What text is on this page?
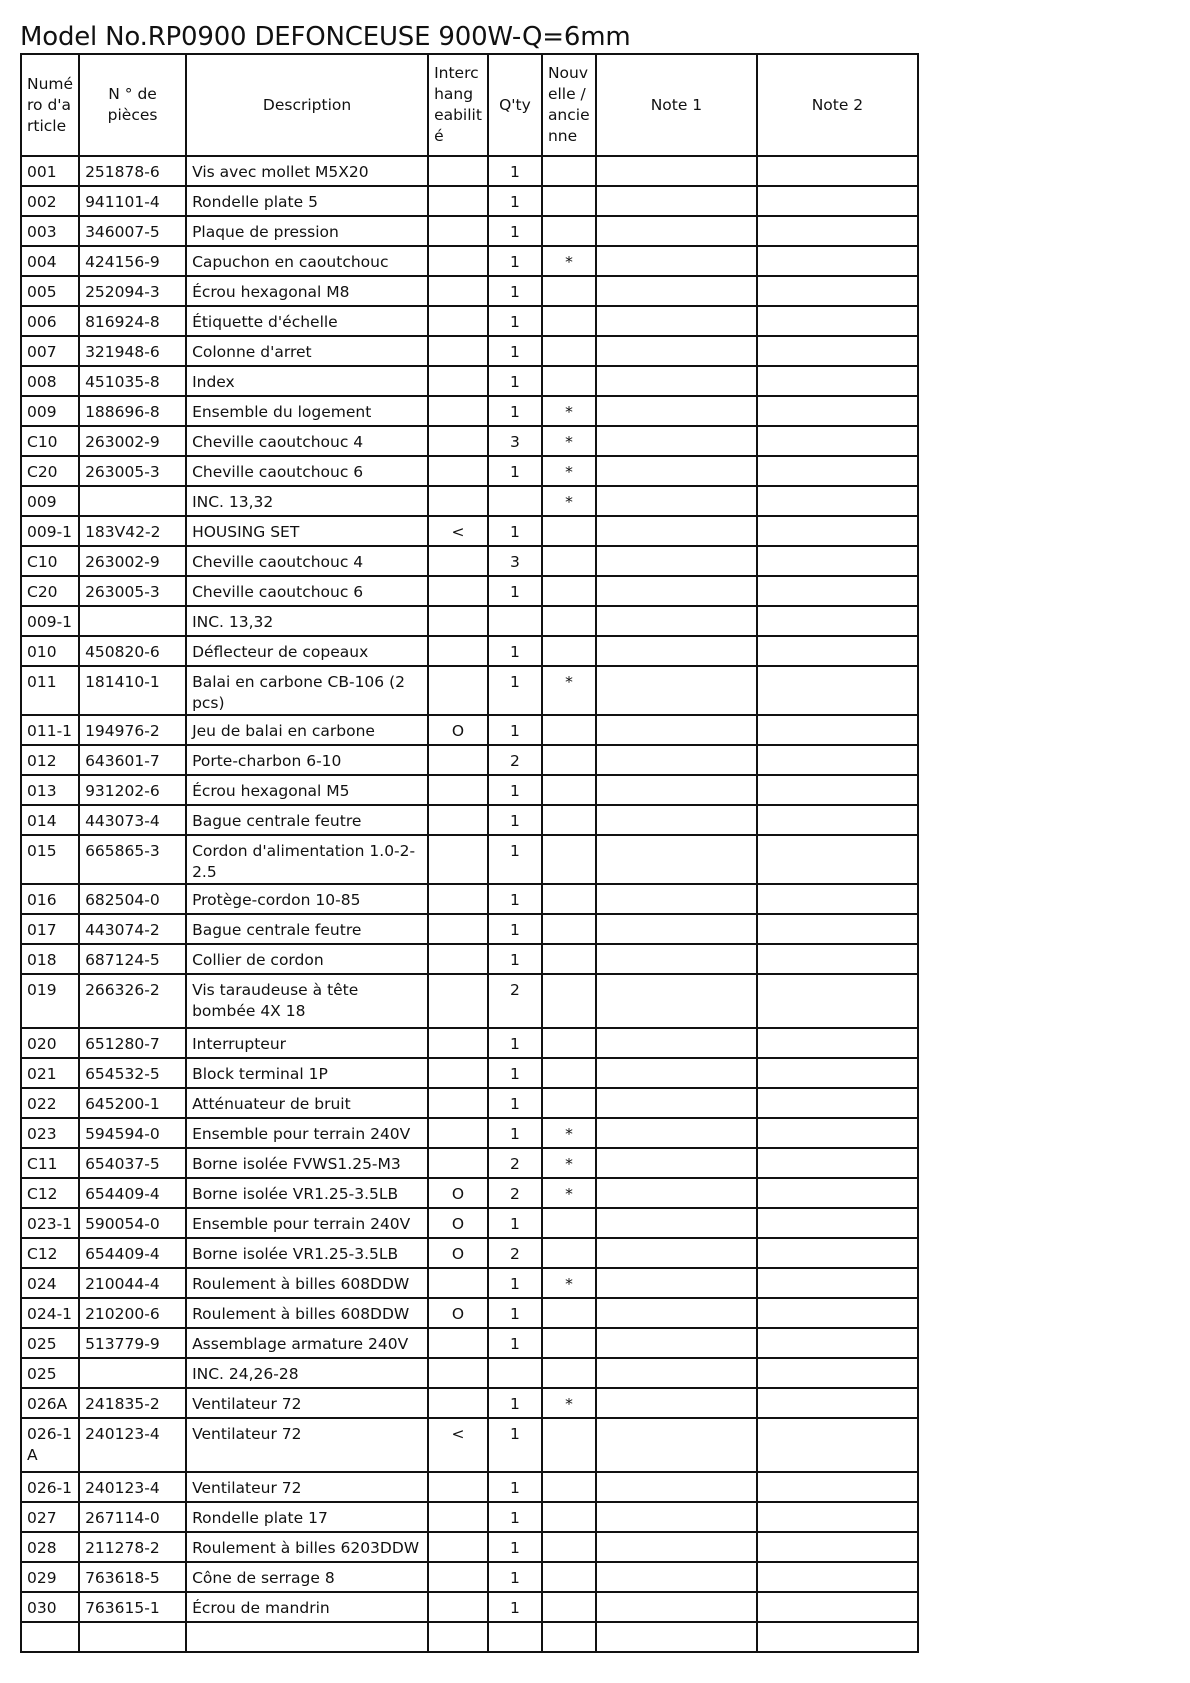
Model No.RP0900 DEFONCEUSE 900W-Q=6mm
Numé ro d'a rticle	N ° de pièces	Description	Interc hang eabilit é	Q'ty	Nouv elle / ancie nne	Note 1	Note 2
001	251878-6	Vis avec mollet M5X20		1			
002	941101-4	Rondelle plate 5		1			
003	346007-5	Plaque de pression		1			
004	424156-9	Capuchon en caoutchouc		1	*		
005	252094-3	Écrou hexagonal M8		1			
006	816924-8	Étiquette d'échelle		1			
007	321948-6	Colonne d'arret		1			
008	451035-8	Index		1			
009	188696-8	Ensemble du logement		1	*		
C10	263002-9	Cheville caoutchouc 4		3	*		
C20	263005-3	Cheville caoutchouc 6		1	*		
009		INC. 13,32			*		
009-1	183V42-2	HOUSING SET	<	1			
C10	263002-9	Cheville caoutchouc 4		3			
C20	263005-3	Cheville caoutchouc 6		1			
009-1		INC. 13,32					
010	450820-6	Déflecteur de copeaux		1			
011	181410-1	Balai en carbone CB-106 (2 pcs)		1	*		
011-1	194976-2	Jeu de balai en carbone	O	1			
012	643601-7	Porte-charbon 6-10		2			
013	931202-6	Écrou hexagonal M5		1			
014	443073-4	Bague centrale feutre		1			
015	665865-3	Cordon d'alimentation 1.0-2-2.5		1			
016	682504-0	Protège-cordon 10-85		1			
017	443074-2	Bague centrale feutre		1			
018	687124-5	Collier de cordon		1			
019	266326-2	Vis taraudeuse à tête bombée 4X 18		2			
020	651280-7	Interrupteur		1			
021	654532-5	Block terminal 1P		1			
022	645200-1	Atténuateur de bruit		1			
023	594594-0	Ensemble pour terrain 240V		1	*		
C11	654037-5	Borne isolée FVWS1.25-M3		2	*		
C12	654409-4	Borne isolée VR1.25-3.5LB	O	2	*		
023-1	590054-0	Ensemble pour terrain 240V	O	1			
C12	654409-4	Borne isolée VR1.25-3.5LB	O	2			
024	210044-4	Roulement à billes 608DDW		1	*		
024-1	210200-6	Roulement à billes 608DDW	O	1			
025	513779-9	Assemblage armature 240V		1			
025		INC. 24,26-28					
026A	241835-2	Ventilateur 72		1	*		
026-1A	240123-4	Ventilateur 72	<	1			
026-1	240123-4	Ventilateur 72		1			
027	267114-0	Rondelle plate 17		1			
028	211278-2	Roulement à billes 6203DDW		1			
029	763618-5	Cône de serrage 8		1			
030	763615-1	Écrou de mandrin		1			
